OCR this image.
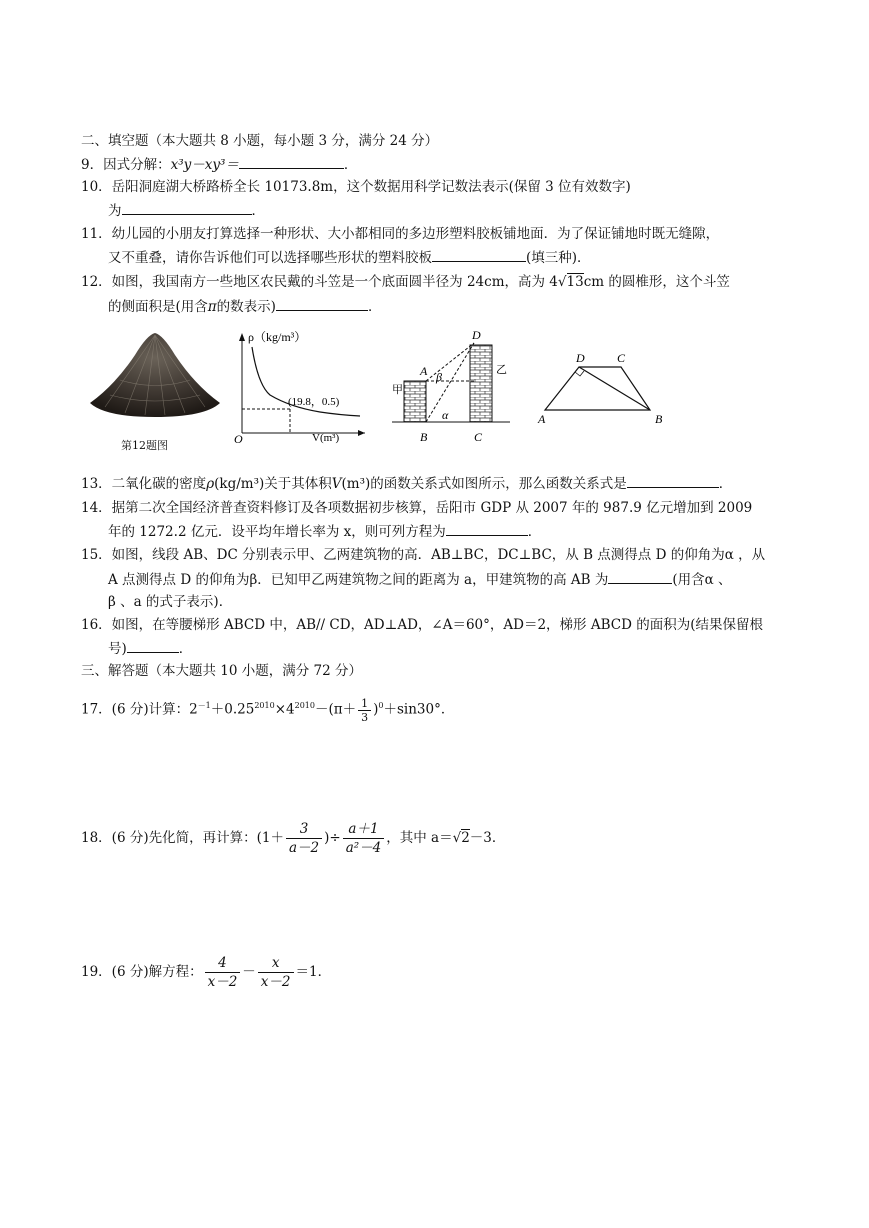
二、填空题（本大题共 8 小题，每小题 3 分，满分 24 分）
9．因式分解：x³y－xy³＝	．
10．岳阳洞庭湖大桥路桥全长 10173.8m，这个数据用科学记数法表示(保留 3 位有效数字)
为	．
11．幼儿园的小朋友打算选择一种形状、大小都相同的多边形塑料胶板铺地面．为了保证铺地时既无缝隙，
又不重叠，请你告诉他们可以选择哪些形状的塑料胶板	(填三种)．
12．如图，我国南方一些地区农民戴的斗笠是一个底面圆半径为 24cm，高为 4√13cm 的圆椎形，这个斗笠
的侧面积是(用含π的数表示)	．
第12题图	O
ρ（kg/m³）
V(m³)
(19.8，0.5)
D
A
B	C
甲
乙
α
β
A	B
C
D
13．二氧化碳的密度ρ(kg/m³)关于其体积V(m³)的函数关系式如图所示，那么函数关系式是	．
14．据第二次全国经济普查资料修订及各项数据初步核算，岳阳市 GDP 从 2007 年的 987.9 亿元增加到 2009
年的 1272.2 亿元．设平均年增长率为 x，则可列方程为	．
15．如图，线段 AB、DC 分别表示甲、乙两建筑物的高．AB⊥BC，DC⊥BC，从 B 点测得点 D 的仰角为α ，从
A 点测得点 D 的仰角为β．已知甲乙两建筑物之间的距离为 a，甲建筑物的高 AB 为	(用含α 、
β 、a 的式子表示)．
16．如图，在等腰梯形 ABCD 中，AB// CD，AD⊥AD，∠A＝60°，AD＝2，梯形 ABCD 的面积为(结果保留根
号)	．
三、解答题（本大题共 10 小题，满分 72 分）
17．(6 分)计算：$2^{-1}+0.25^{2010}\times 4^{2010}-(\pi+ \frac{1}{3} )^0+\sin 30^\circ$．
18．(6 分)先化简，再计算：($1+ \frac{3}{a-2}$ )÷ $\frac{a+1}{\text{a²－4}}$ ，其中 a＝√2－3．
19．(6 分)解方程： $\frac{4}{x-2} - \frac{x}{x-2} =1$．
